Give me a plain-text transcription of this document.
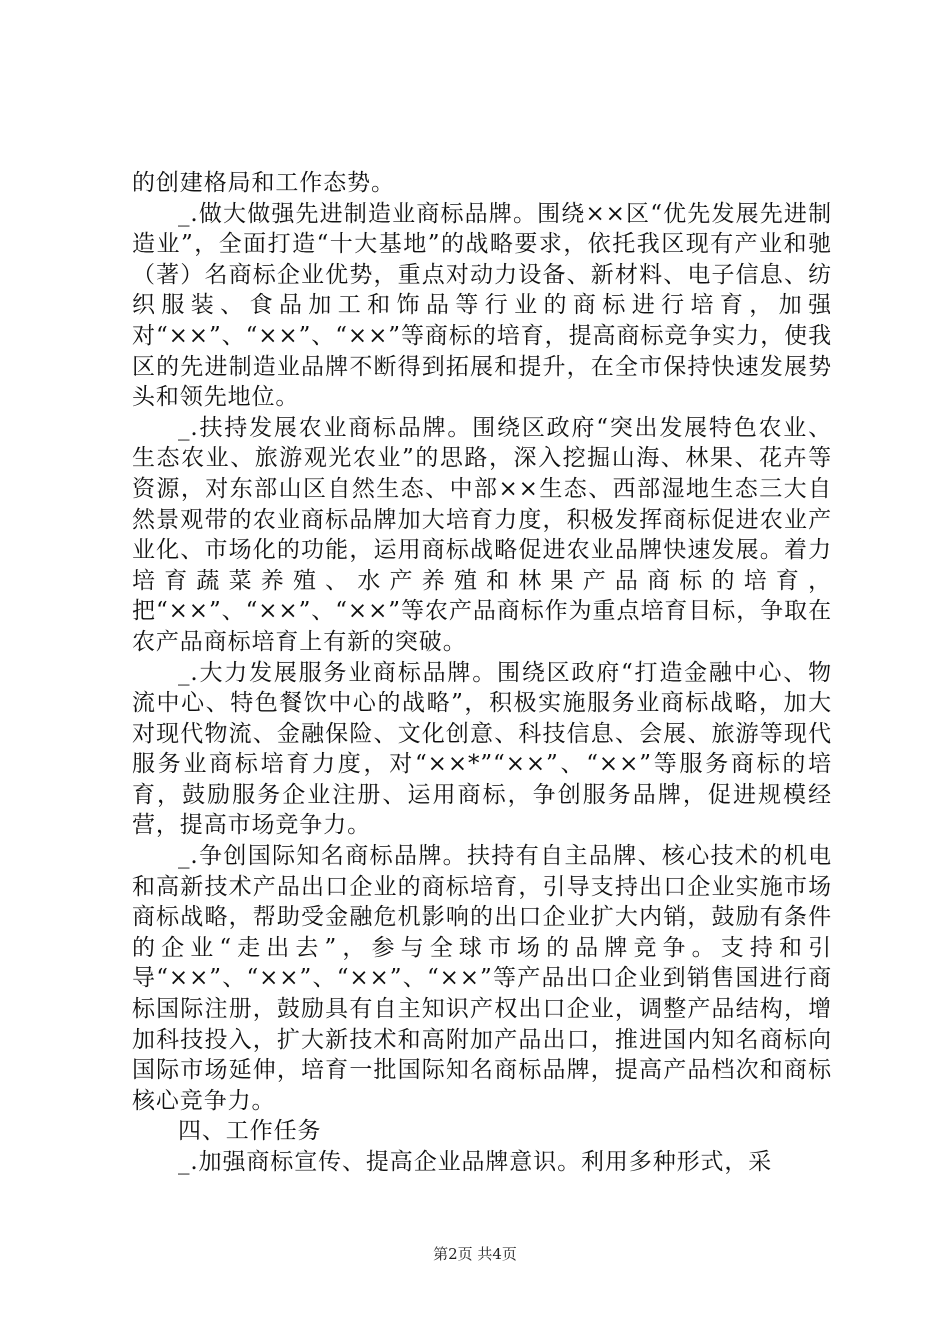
的创建格局和工作态势。

_.做大做强先进制造业商标品牌。围绕××区“优先发展先进制造业”，全面打造“十大基地”的战略要求，依托我区现有产业和驰（著）名商标企业优势，重点对动力设备、新材料、电子信息、纺织服装、食品加工和饰品等行业的商标进行培育，加强对“××”、“××”、“××”等商标的培育，提高商标竞争实力，使我区的先进制造业品牌不断得到拓展和提升，在全市保持快速发展势头和领先地位。

_.扶持发展农业商标品牌。围绕区政府“突出发展特色农业、生态农业、旅游观光农业”的思路，深入挖掘山海、林果、花卉等资源，对东部山区自然生态、中部××生态、西部湿地生态三大自然景观带的农业商标品牌加大培育力度，积极发挥商标促进农业产业化、市场化的功能，运用商标战略促进农业品牌快速发展。着力培育蔬菜养殖、水产养殖和林果产品商标的培育，把“××”、“××”、“××”等农产品商标作为重点培育目标，争取在农产品商标培育上有新的突破。

_.大力发展服务业商标品牌。围绕区政府“打造金融中心、物流中心、特色餐饮中心的战略”，积极实施服务业商标战略，加大对现代物流、金融保险、文化创意、科技信息、会展、旅游等现代服务业商标培育力度，对“××*”“××”、“××”等服务商标的培育，鼓励服务企业注册、运用商标，争创服务品牌，促进规模经营，提高市场竞争力。

_.争创国际知名商标品牌。扶持有自主品牌、核心技术的机电和高新技术产品出口企业的商标培育，引导支持出口企业实施市场商标战略，帮助受金融危机影响的出口企业扩大内销，鼓励有条件的企业“走出去”，参与全球市场的品牌竞争。支持和引导“××”、“××”、“××”、“××”等产品出口企业到销售国进行商标国际注册，鼓励具有自主知识产权出口企业，调整产品结构，增加科技投入，扩大新技术和高附加产品出口，推进国内知名商标向国际市场延伸，培育一批国际知名商标品牌，提高产品档次和商标核心竞争力。

四、工作任务

_.加强商标宣传、提高企业品牌意识。利用多种形式，采

第2页 共4页
